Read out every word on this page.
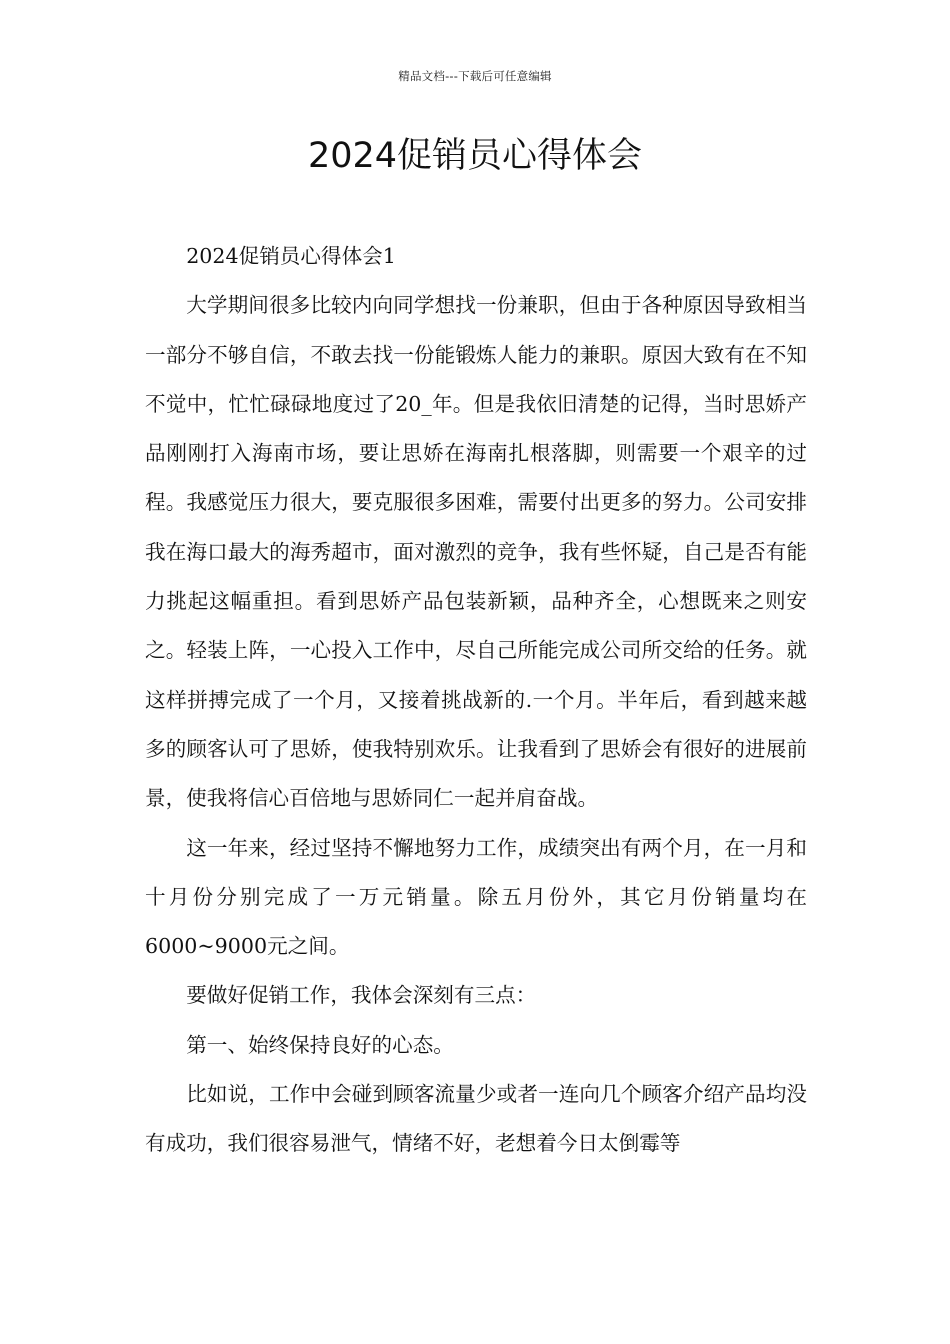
精品文档---下载后可任意编辑
2024促销员心得体会

2024促销员心得体会1

大学期间很多比较内向同学想找一份兼职，但由于各种原因导致相当一部分不够自信，不敢去找一份能锻炼人能力的兼职。原因大致有在不知不觉中，忙忙碌碌地度过了20_年。但是我依旧清楚的记得，当时思娇产品刚刚打入海南市场，要让思娇在海南扎根落脚，则需要一个艰辛的过程。我感觉压力很大，要克服很多困难，需要付出更多的努力。公司安排我在海口最大的海秀超市，面对激烈的竞争，我有些怀疑，自己是否有能力挑起这幅重担。看到思娇产品包装新颖，品种齐全，心想既来之则安之。轻装上阵，一心投入工作中，尽自己所能完成公司所交给的任务。就这样拼搏完成了一个月，又接着挑战新的.一个月。半年后，看到越来越多的顾客认可了思娇，使我特别欢乐。让我看到了思娇会有很好的进展前景，使我将信心百倍地与思娇同仁一起并肩奋战。

这一年来，经过坚持不懈地努力工作，成绩突出有两个月，在一月和十月份分别完成了一万元销量。除五月份外，其它月份销量均在6000~9000元之间。

要做好促销工作，我体会深刻有三点：

第一、始终保持良好的心态。

比如说，工作中会碰到顾客流量少或者一连向几个顾客介绍产品均没有成功，我们很容易泄气，情绪不好，老想着今日太倒霉等
